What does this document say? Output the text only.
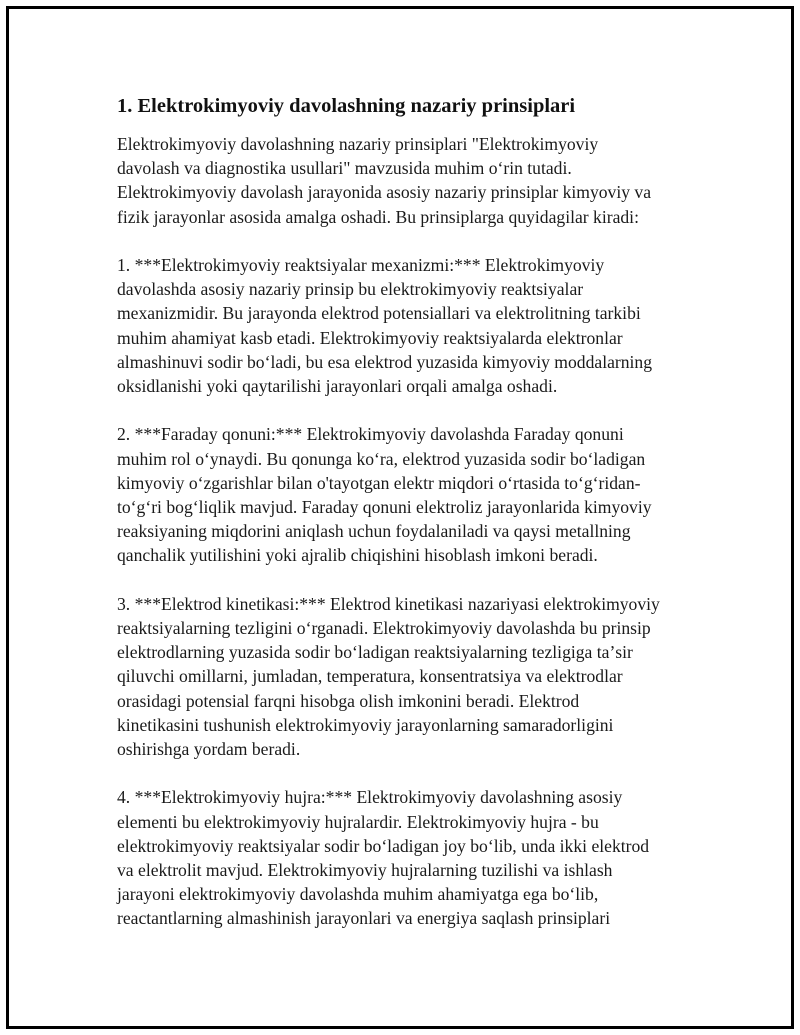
1. Elektrokimyoviy davolashning nazariy prinsiplari
Elektrokimyoviy davolashning nazariy prinsiplari "Elektrokimyoviy
davolash va diagnostika usullari" mavzusida muhim oʻrin tutadi.
Elektrokimyoviy davolash jarayonida asosiy nazariy prinsiplar kimyoviy va
fizik jarayonlar asosida amalga oshadi. Bu prinsiplarga quyidagilar kiradi:
1. ***Elektrokimyoviy reaktsiyalar mexanizmi:*** Elektrokimyoviy
davolashda asosiy nazariy prinsip bu elektrokimyoviy reaktsiyalar
mexanizmidir. Bu jarayonda elektrod potensiallari va elektrolitning tarkibi
muhim ahamiyat kasb etadi. Elektrokimyoviy reaktsiyalarda elektronlar
almashinuvi sodir boʻladi, bu esa elektrod yuzasida kimyoviy moddalarning
oksidlanishi yoki qaytarilishi jarayonlari orqali amalga oshadi.
2. ***Faraday qonuni:*** Elektrokimyoviy davolashda Faraday qonuni
muhim rol oʻynaydi. Bu qonunga koʻra, elektrod yuzasida sodir boʻladigan
kimyoviy oʻzgarishlar bilan o'tayotgan elektr miqdori oʻrtasida toʻgʻridan-
toʻgʻri bogʻliqlik mavjud. Faraday qonuni elektroliz jarayonlarida kimyoviy
reaksiyaning miqdorini aniqlash uchun foydalaniladi va qaysi metallning
qanchalik yutilishini yoki ajralib chiqishini hisoblash imkoni beradi.
3. ***Elektrod kinetikasi:*** Elektrod kinetikasi nazariyasi elektrokimyoviy
reaktsiyalarning tezligini oʻrganadi. Elektrokimyoviy davolashda bu prinsip
elektrodlarning yuzasida sodir boʻladigan reaktsiyalarning tezligiga taʼsir
qiluvchi omillarni, jumladan, temperatura, konsentratsiya va elektrodlar
orasidagi potensial farqni hisobga olish imkonini beradi. Elektrod
kinetikasini tushunish elektrokimyoviy jarayonlarning samaradorligini
oshirishga yordam beradi.
4. ***Elektrokimyoviy hujra:*** Elektrokimyoviy davolashning asosiy
elementi bu elektrokimyoviy hujralardir. Elektrokimyoviy hujra - bu
elektrokimyoviy reaktsiyalar sodir boʻladigan joy boʻlib, unda ikki elektrod
va elektrolit mavjud. Elektrokimyoviy hujralarning tuzilishi va ishlash
jarayoni elektrokimyoviy davolashda muhim ahamiyatga ega boʻlib,
reactantlarning almashinish jarayonlari va energiya saqlash prinsiplari
